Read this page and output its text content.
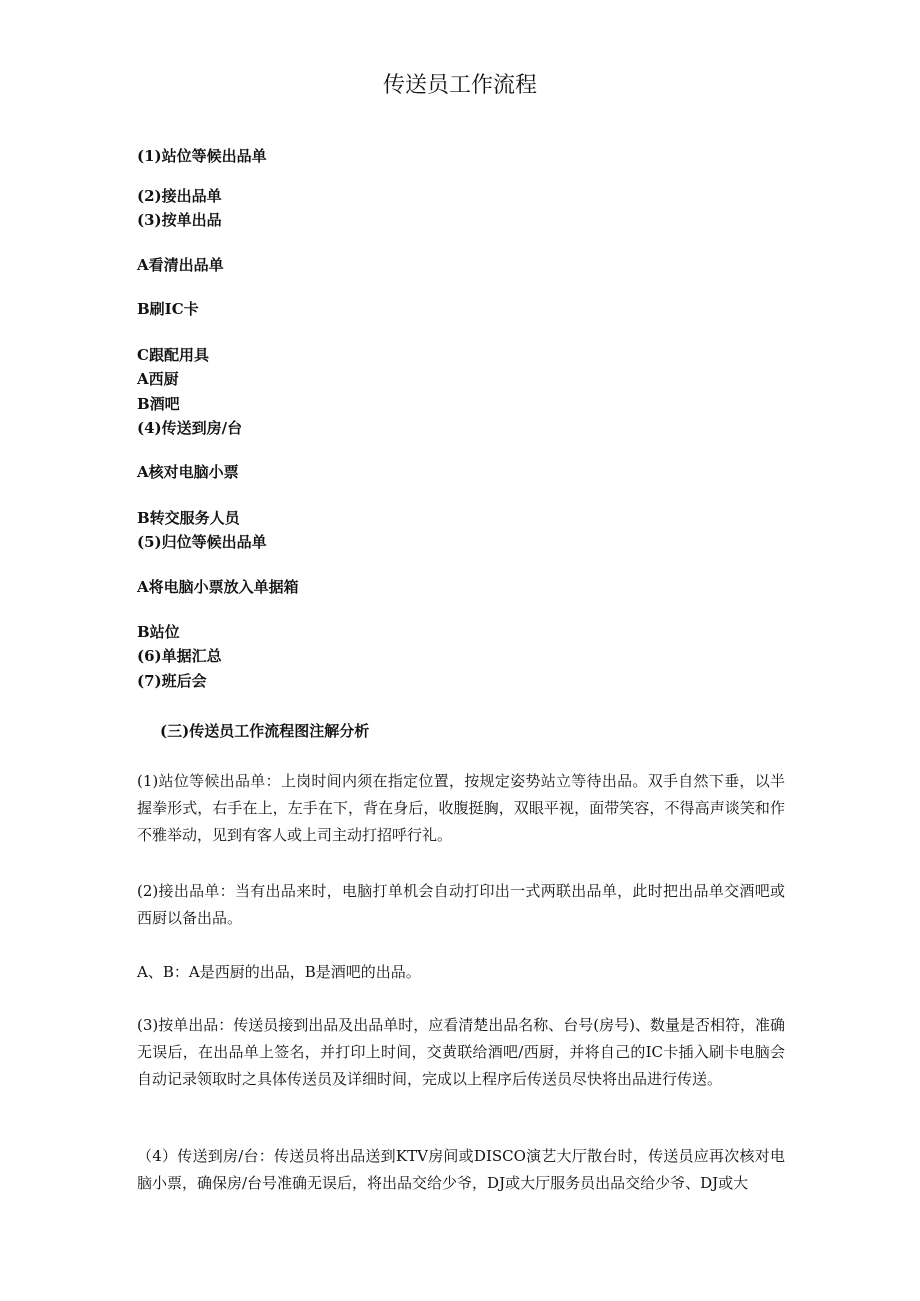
传送员工作流程

(1)站位等候出品单

(2)接出品单

(3)按单出品

A看清出品单

B刷IC卡

C跟配用具

A西厨

B酒吧

(4)传送到房/台

A核对电脑小票

B转交服务人员

(5)归位等候出品单

A将电脑小票放入单据箱

B站位

(6)单据汇总

(7)班后会

(三)传送员工作流程图注解分析

(1)站位等候出品单：上岗时间内须在指定位置，按规定姿势站立等待出品。双手自然下垂，以半握拳形式，右手在上，左手在下，背在身后，收腹挺胸，双眼平视，面带笑容，不得高声谈笑和作不雅举动，见到有客人或上司主动打招呼行礼。

(2)接出品单：当有出品来时，电脑打单机会自动打印出一式两联出品单，此时把出品单交酒吧或西厨以备出品。

A、B：A是西厨的出品，B是酒吧的出品。

(3)按单出品：传送员接到出品及出品单时，应看清楚出品名称、台号(房号)、数量是否相符，准确无误后，在出品单上签名，并打印上时间，交黄联给酒吧/西厨，并将自己的IC卡插入刷卡电脑会自动记录领取时之具体传送员及详细时间，完成以上程序后传送员尽快将出品进行传送。

（4）传送到房/台：传送员将出品送到KTV房间或DISCO演艺大厅散台时，传送员应再次核对电脑小票，确保房/台号准确无误后，将出品交给少爷，DJ或大厅服务员出品交给少爷、DJ或大
